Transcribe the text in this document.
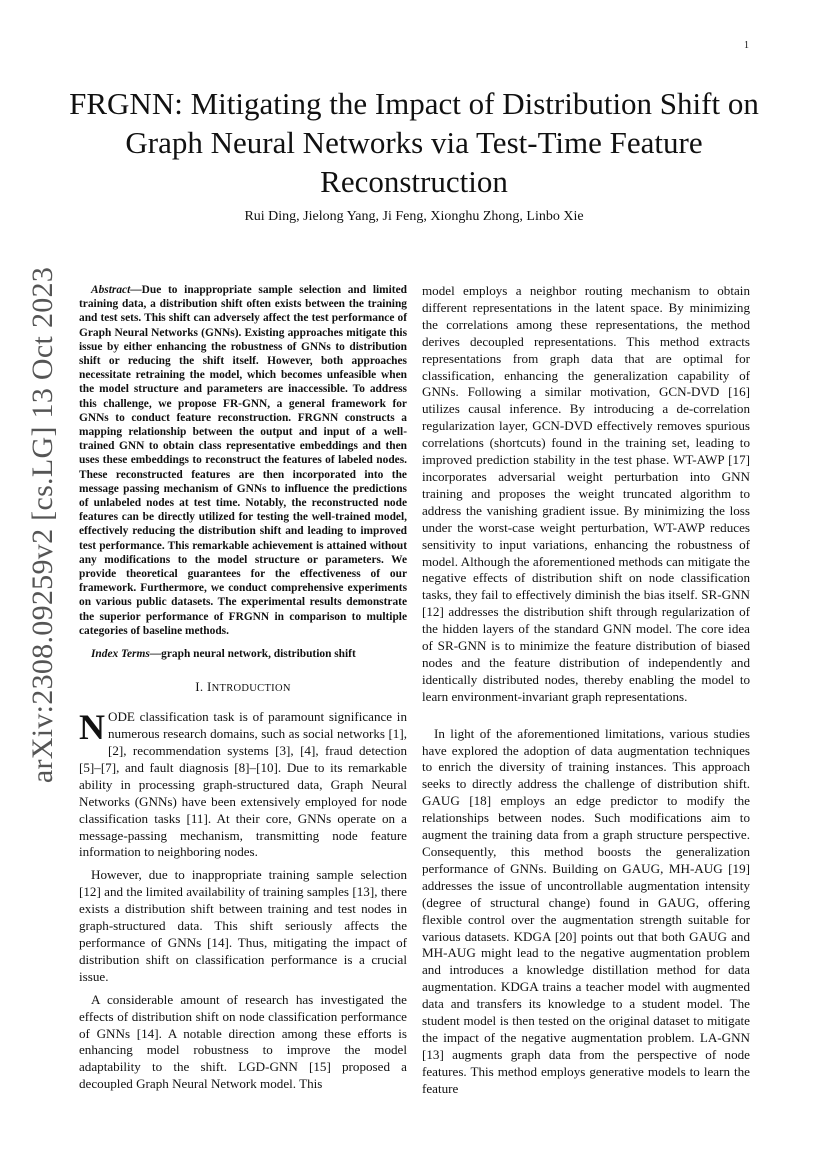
1
arXiv:2308.09259v2 [cs.LG] 13 Oct 2023
FRGNN: Mitigating the Impact of Distribution Shift on Graph Neural Networks via Test-Time Feature Reconstruction
Rui Ding, Jielong Yang, Ji Feng, Xionghu Zhong, Linbo Xie

Abstract—Due to inappropriate sample selection and limited training data, a distribution shift often exists between the training and test sets. This shift can adversely affect the test performance of Graph Neural Networks (GNNs). Existing approaches mitigate this issue by either enhancing the robustness of GNNs to distribution shift or reducing the shift itself. However, both approaches necessitate retraining the model, which becomes unfeasible when the model structure and parameters are inaccessible. To address this challenge, we propose FR-GNN, a general framework for GNNs to conduct feature reconstruction. FRGNN constructs a mapping relationship between the output and input of a well-trained GNN to obtain class representative embeddings and then uses these embeddings to reconstruct the features of labeled nodes. These reconstructed features are then incorporated into the message passing mechanism of GNNs to influence the predictions of unlabeled nodes at test time. Notably, the reconstructed node features can be directly utilized for testing the well-trained model, effectively reducing the distribution shift and leading to improved test performance. This remarkable achievement is attained without any modifications to the model structure or parameters. We provide theoretical guarantees for the effectiveness of our framework. Furthermore, we conduct comprehensive experiments on various public datasets. The experimental results demonstrate the superior performance of FRGNN in comparison to multiple categories of baseline methods.

Index Terms—graph neural network, distribution shift

I. INTRODUCTION

NODE classification task is of paramount significance in numerous research domains, such as social networks [1], [2], recommendation systems [3], [4], fraud detection [5]–[7], and fault diagnosis [8]–[10]. Due to its remarkable ability in processing graph-structured data, Graph Neural Networks (GNNs) have been extensively employed for node classification tasks [11]. At their core, GNNs operate on a message-passing mechanism, transmitting node feature information to neighboring nodes.

However, due to inappropriate training sample selection [12] and the limited availability of training samples [13], there exists a distribution shift between training and test nodes in graph-structured data. This shift seriously affects the performance of GNNs [14]. Thus, mitigating the impact of distribution shift on classification performance is a crucial issue.

A considerable amount of research has investigated the effects of distribution shift on node classification performance of GNNs [14]. A notable direction among these efforts is enhancing model robustness to improve the model adaptability to the shift. LGD-GNN [15] proposed a decoupled Graph Neural Network model. This

model employs a neighbor routing mechanism to obtain different representations in the latent space. By minimizing the correlations among these representations, the method derives decoupled representations. This method extracts representations from graph data that are optimal for classification, enhancing the generalization capability of GNNs. Following a similar motivation, GCN-DVD [16] utilizes causal inference. By introducing a de-correlation regularization layer, GCN-DVD effectively removes spurious correlations (shortcuts) found in the training set, leading to improved prediction stability in the test phase. WT-AWP [17] incorporates adversarial weight perturbation into GNN training and proposes the weight truncated algorithm to address the vanishing gradient issue. By minimizing the loss under the worst-case weight perturbation, WT-AWP reduces sensitivity to input variations, enhancing the robustness of model. Although the aforementioned methods can mitigate the negative effects of distribution shift on node classification tasks, they fail to effectively diminish the bias itself. SR-GNN [12] addresses the distribution shift through regularization of the hidden layers of the standard GNN model. The core idea of SR-GNN is to minimize the feature distribution of biased nodes and the feature distribution of independently and identically distributed nodes, thereby enabling the model to learn environment-invariant graph representations.

In light of the aforementioned limitations, various studies have explored the adoption of data augmentation techniques to enrich the diversity of training instances. This approach seeks to directly address the challenge of distribution shift. GAUG [18] employs an edge predictor to modify the relationships between nodes. Such modifications aim to augment the training data from a graph structure perspective. Consequently, this method boosts the generalization performance of GNNs. Building on GAUG, MH-AUG [19] addresses the issue of uncontrollable augmentation intensity (degree of structural change) found in GAUG, offering flexible control over the augmentation strength suitable for various datasets. KDGA [20] points out that both GAUG and MH-AUG might lead to the negative augmentation problem and introduces a knowledge distillation method for data augmentation. KDGA trains a teacher model with augmented data and transfers its knowledge to a student model. The student model is then tested on the original dataset to mitigate the impact of the negative augmentation problem. LA-GNN [13] augments graph data from the perspective of node features. This method employs generative models to learn the feature
